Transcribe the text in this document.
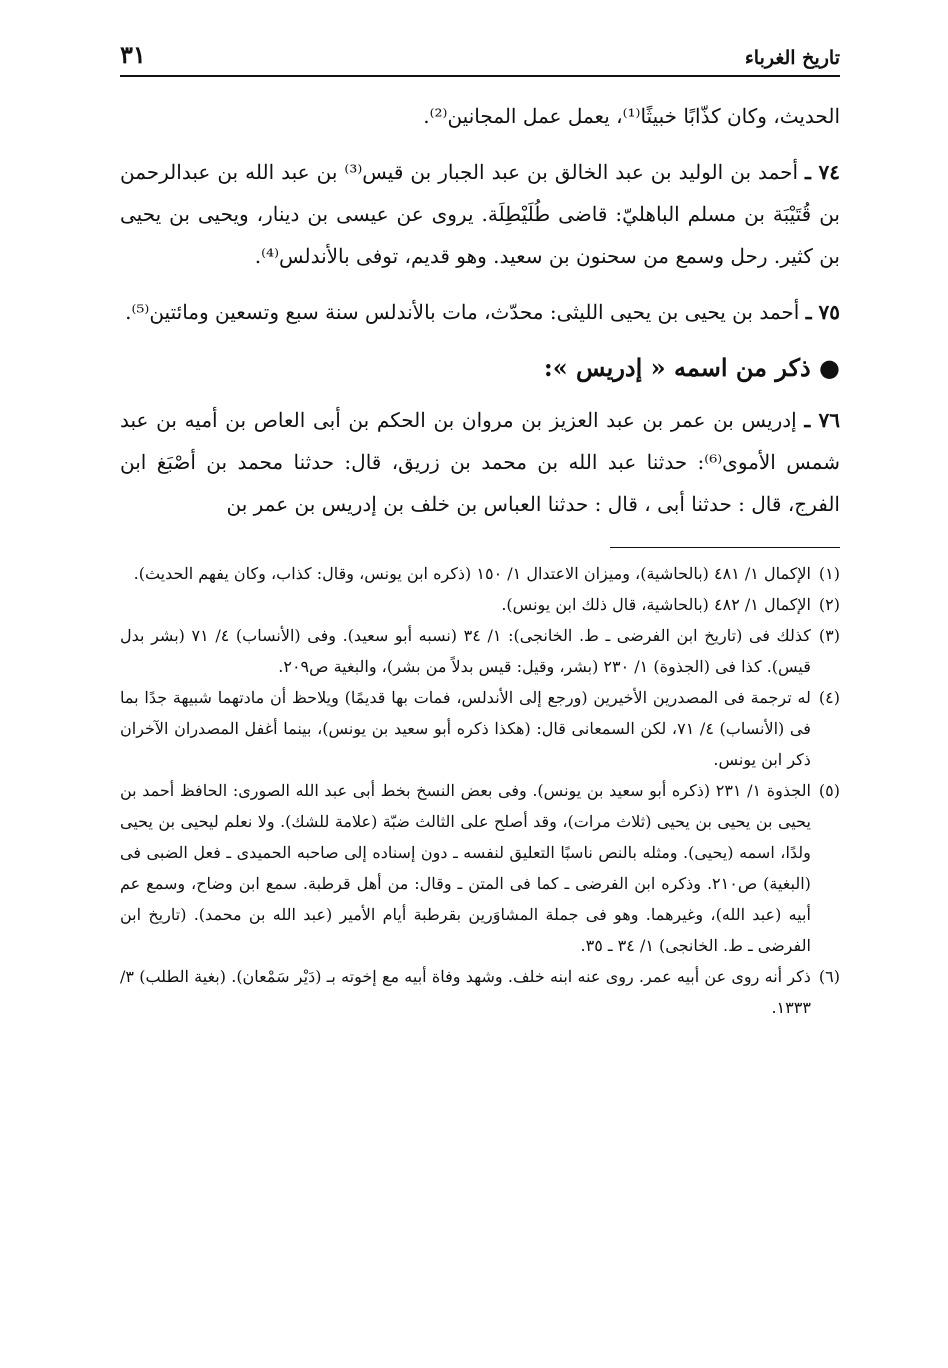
تاريخ الغرباء
٣١

الحديث، وكان كذّابًا خبيثًا⁽¹⁾، يعمل عمل المجانين⁽²⁾.

٧٤ ـ أحمد بن الوليد بن عبد الخالق بن عبد الجبار بن قيس⁽³⁾ بن عبد الله بن عبدالرحمن بن قُتَيْبَة بن مسلم الباهليّ: قاضى طُلَيْطِلَة. يروى عن عيسى بن دينار، ويحيى بن يحيى بن كثير. رحل وسمع من سحنون بن سعيد. وهو قديم، توفى بالأندلس⁽⁴⁾.

٧٥ ـ أحمد بن يحيى بن يحيى الليثى: محدّث، مات بالأندلس سنة سبع وتسعين ومائتين⁽⁵⁾.

● ذكر من اسمه « إدريس »:

٧٦ ـ إدريس بن عمر بن عبد العزيز بن مروان بن الحكم بن أبى العاص بن أميه بن عبد شمس الأموى⁽⁶⁾: حدثنا عبد الله بن محمد بن زريق، قال: حدثنا محمد بن أصْبَغ ابن الفرج، قال : حدثنا أبى ، قال : حدثنا العباس بن خلف بن إدريس بن عمر بن

(١)
الإكمال ١/ ٤٨١ (بالحاشية)، وميزان الاعتدال ١/ ١٥٠ (ذكره ابن يونس، وقال: كذاب، وكان يفهم الحديث).
(٢)
الإكمال ١/ ٤٨٢ (بالحاشية، قال ذلك ابن يونس).
(٣)
كذلك فى (تاريخ ابن الفرضى ـ ط. الخانجى): ١/ ٣٤ (نسبه أبو سعيد). وفى (الأنساب) ٤/ ٧١ (بشر بدل قيس). كذا فى (الجذوة) ١/ ٢٣٠ (بشر، وقيل: قيس بدلاً من بشر)، والبغية ص٢٠٩.
(٤)
له ترجمة فى المصدرين الأخيرين (ورجع إلى الأندلس، فمات بها قديمًا) ويلاحظ أن مادتهما شبيهة جدًا بما فى (الأنساب) ٤/ ٧١، لكن السمعانى قال: (هكذا ذكره أبو سعيد بن يونس)، بينما أغفل المصدران الآخران ذكر ابن يونس.
(٥)
الجذوة ١/ ٢٣١ (ذكره أبو سعيد بن يونس). وفى بعض النسخ بخط أبى عبد الله الصورى: الحافظ أحمد بن يحيى بن يحيى بن يحيى (ثلاث مرات)، وقد أصلح على الثالث ضبّة (علامة للشك). ولا نعلم ليحيى بن يحيى ولدًا، اسمه (يحيى). ومثله بالنص ناسبًا التعليق لنفسه ـ دون إسناده إلى صاحبه الحميدى ـ فعل الضبى فى (البغية) ص٢١٠. وذكره ابن الفرضى ـ كما فى المتن ـ وقال: من أهل قرطبة. سمع ابن وضاح، وسمع عم أبيه (عبد الله)، وغيرهما. وهو فى جملة المشاوَرين بقرطبة أيام الأمير (عبد الله بن محمد). (تاريخ ابن الفرضى ـ ط. الخانجى) ١/ ٣٤ ـ ٣٥.
(٦)
ذكر أنه روى عن أبيه عمر. روى عنه ابنه خلف. وشهد وفاة أبيه مع إخوته بـ (دَيْر سَمْعان). (بغية الطلب) ٣/ ١٣٣٣.
